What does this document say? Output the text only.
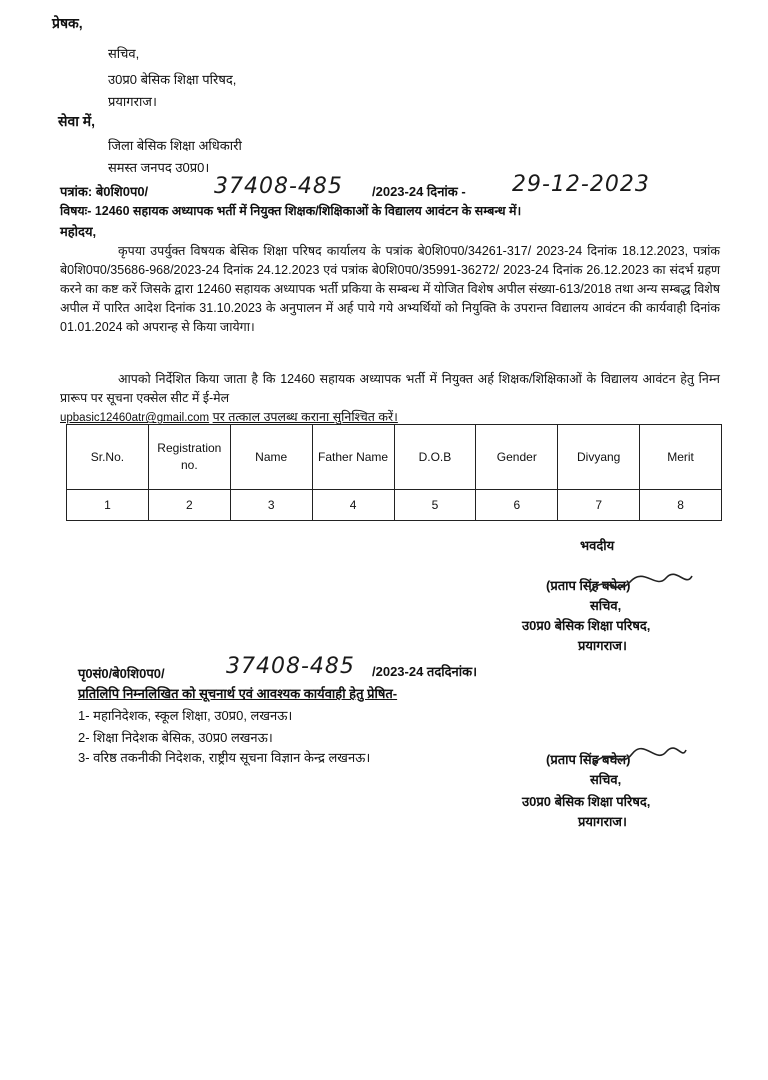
प्रेषक,
सचिव,
उ0प्र0 बेसिक शिक्षा परिषद,
प्रयागराज।
सेवा में,
जिला बेसिक शिक्षा अधिकारी
समस्त जनपद उ0प्र0।
पत्रांक: बे0शि0प0/	37408-485 /2023-24 दिनांक - 29-12-2023
विषयः- 12460 सहायक अध्यापक भर्ती में नियुक्त शिक्षक/शिक्षिकाओं के विद्यालय आवंटन के सम्बन्ध में।
महोदय,
कृपया उपर्युक्त विषयक बेसिक शिक्षा परिषद कार्यालय के पत्रांक बे0शि0प0/34261-317/ 2023-24 दिनांक 18.12.2023, पत्रांक बे0शि0प0/35686-968/2023-24 दिनांक 24.12.2023 एवं पत्रांक बे0शि0प0/35991-36272/ 2023-24 दिनांक 26.12.2023 का संदर्भ ग्रहण करने का कष्ट करें जिसके द्वारा 12460 सहायक अध्यापक भर्ती प्रकिया के सम्बन्ध में योजित विशेष अपील संख्या-613/2018 तथा अन्य सम्बद्ध विशेष अपील में पारित आदेश दिनांक 31.10.2023 के अनुपालन में अर्ह पाये गये अभ्यर्थियों को नियुक्ति के उपरान्त विद्यालय आवंटन की कार्यवाही दिनांक 01.01.2024 को अपरान्ह से किया जायेगा।
आपको निर्देशित किया जाता है कि 12460 सहायक अध्यापक भर्ती में नियुक्त अर्ह शिक्षक/शिक्षिकाओं के विद्यालय आवंटन हेतु निम्न प्रारूप पर सूचना एक्सेल सीट में ई-मेल
upbasic12460atr@gmail.com पर तत्काल उपलब्ध कराना सुनिश्चित करें।
Sr.No.	Registration no.	Name	Father Name	D.O.B	Gender	Divyang	Merit
1	2	3	4	5	6	7	8
भवदीय
(प्रताप सिंह बघेल)
सचिव,
उ0प्र0 बेसिक शिक्षा परिषद,
प्रयागराज।
पृ0सं0/बे0शि0प0/	37408-485 /2023-24 तददिनांक।
प्रतिलिपि निम्नलिखित को सूचनार्थ एवं आवश्यक कार्यवाही हेतु प्रेषित-
1- महानिदेशक, स्कूल शिक्षा, उ0प्र0, लखनऊ।
2- शिक्षा निदेशक बेसिक, उ0प्र0 लखनऊ।
3- वरिष्ठ तकनीकी निदेशक, राष्ट्रीय सूचना विज्ञान केन्द्र लखनऊ।	(प्रताप सिंह बघेल)
सचिव,
उ0प्र0 बेसिक शिक्षा परिषद,
प्रयागराज।
